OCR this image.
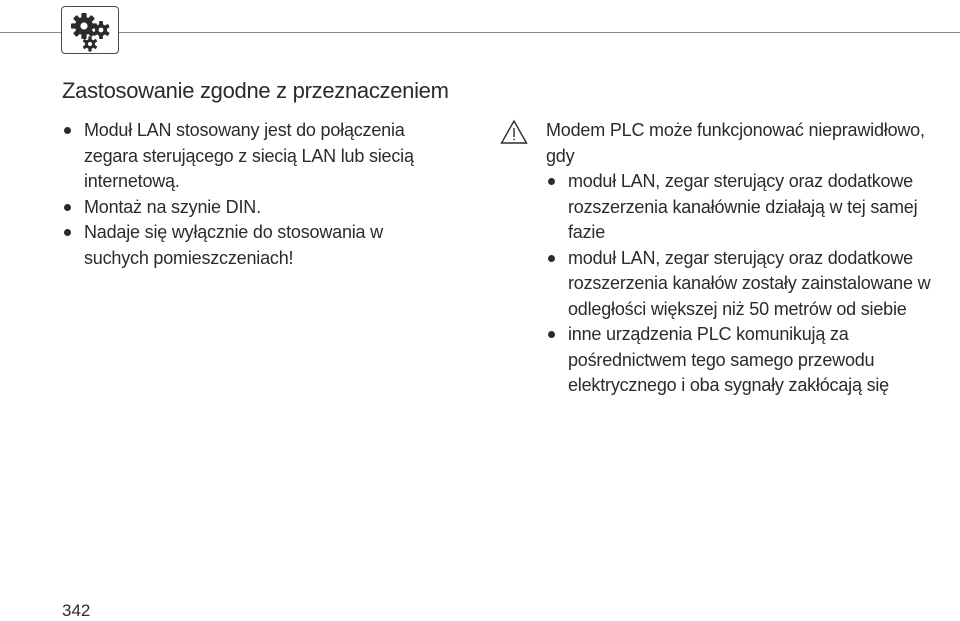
Zastosowanie zgodne z przeznaczeniem
Moduł LAN stosowany jest do połączenia zegara sterującego z siecią LAN lub siecią internetową.
Montaż na szynie DIN.
Nadaje się wyłącznie do stosowania w suchych pomieszczeniach!

Modem PLC może funkcjonować nieprawidłowo, gdy

moduł LAN, zegar sterujący oraz dodatkowe rozszerzenia kanałównie działają w tej samej fazie
moduł LAN, zegar sterujący oraz dodatkowe rozszerzenia kanałów zostały zainstalowane w odległości większej niż 50 metrów od siebie
inne urządzenia PLC komunikują za pośrednictwem tego samego przewodu elektrycznego i oba sygnały zakłócają się
342
